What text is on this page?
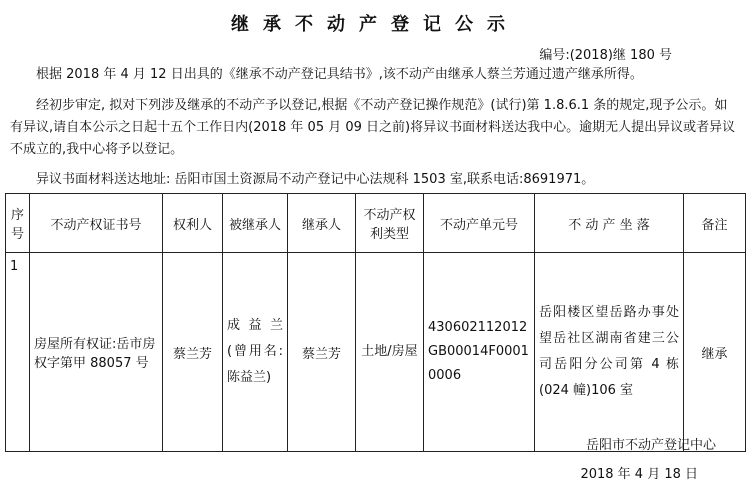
继承不动产登记公示
编号:(2018)继 180 号
根据 2018 年 4 月 12 日出具的《继承不动产登记具结书》,该不动产由继承人蔡兰芳通过遗产继承所得。
经初步审定, 拟对下列涉及继承的不动产予以登记,根据《不动产登记操作规范》(试行)第 1.8.6.1 条的规定,现予公示。如有异议,请自本公示之日起十五个工作日内(2018 年 05 月 09 日之前)将异议书面材料送达我中心。逾期无人提出异议或者异议不成立的,我中心将予以登记。
异议书面材料送达地址: 岳阳市国土资源局不动产登记中心法规科 1503 室,联系电话:8691971。
序号	不动产权证书号	权利人	被继承人	继承人	不动产权利类型	不动产单元号	不 动 产 坐 落	备注
1	房屋所有权证:岳市房权字第甲 88057 号	蔡兰芳	成益兰(曾用名:陈益兰)	蔡兰芳	土地/房屋	430602112012GB00014F00010006	岳阳楼区望岳路办事处望岳社区湖南省建三公司岳阳分公司第 4 栋(024 幢)106 室	继承
岳阳市不动产登记中心
2018 年 4 月 18 日
